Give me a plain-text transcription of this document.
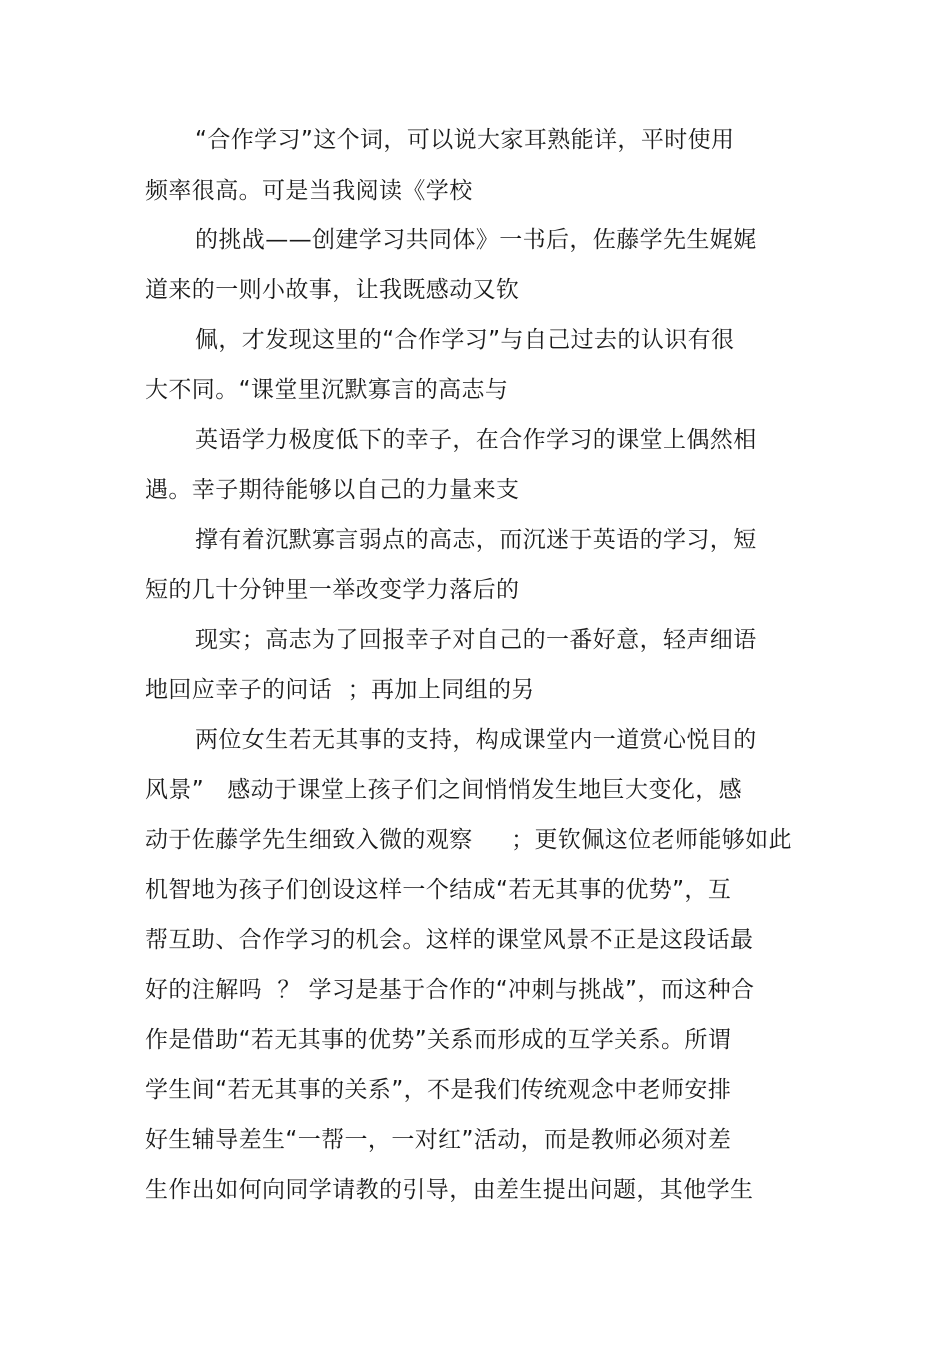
“合作学习”这个词，可以说大家耳熟能详，平时使用
频率很高。可是当我阅读《学校
的挑战——创建学习共同体》一书后，佐藤学先生娓娓
道来的一则小故事，让我既感动又钦
佩，才发现这里的“合作学习”与自己过去的认识有很
大不同。“课堂里沉默寡言的高志与
英语学力极度低下的幸子，在合作学习的课堂上偶然相
遇。幸子期待能够以自己的力量来支
撑有着沉默寡言弱点的高志，而沉迷于英语的学习，短
短的几十分钟里一举改变学力落后的
现实；高志为了回报幸子对自己的一番好意，轻声细语
地回应幸子的问话  ；再加上同组的另
两位女生若无其事的支持，构成课堂内一道赏心悦目的
风景”   感动于课堂上孩子们之间悄悄发生地巨大变化，感
动于佐藤学先生细致入微的观察     ；更钦佩这位老师能够如此
机智地为孩子们创设这样一个结成“若无其事的优势”，互
帮互助、合作学习的机会。这样的课堂风景不正是这段话最
好的注解吗  ？ 学习是基于合作的“冲刺与挑战”，而这种合
作是借助“若无其事的优势”关系而形成的互学关系。所谓
学生间“若无其事的关系”，不是我们传统观念中老师安排
好生辅导差生“一帮一，一对红”活动，而是教师必须对差
生作出如何向同学请教的引导，由差生提出问题，其他学生
